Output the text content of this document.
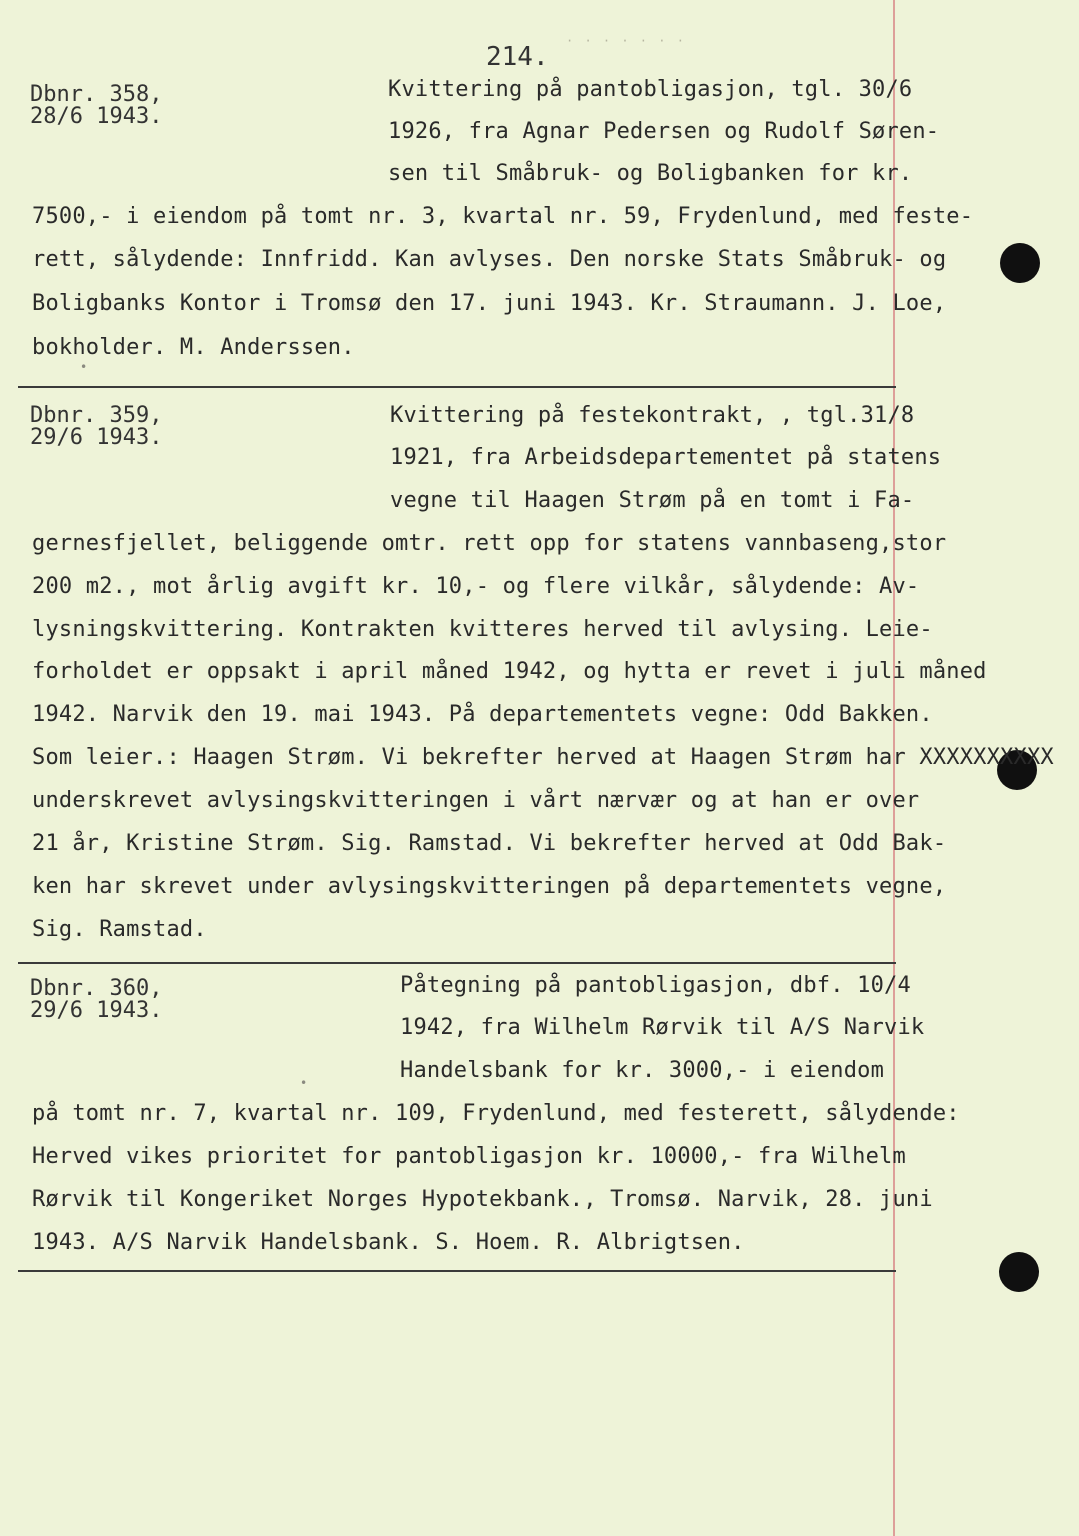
214.
· · · · · · ·
Dbnr. 358,
28/6 1943.
Kvittering på pantobligasjon, tgl. 30/6
1926, fra Agnar Pedersen og Rudolf Søren-
sen til Småbruk- og Boligbanken for kr.
7500,- i eiendom på tomt nr. 3, kvartal nr. 59, Frydenlund, med feste-
rett, sålydende: Innfridd. Kan avlyses. Den norske Stats Småbruk- og
Boligbanks Kontor i Tromsø den 17. juni 1943. Kr. Straumann. J. Loe,
bokholder. M. Anderssen.
•
Dbnr. 359,
29/6 1943.
Kvittering på festekontrakt, , tgl.31/8
1921, fra Arbeidsdepartementet på statens
vegne til Haagen Strøm på en tomt i Fa-
gernesfjellet, beliggende omtr. rett opp for statens vannbaseng,stor
200 m2., mot årlig avgift kr. 10,- og flere vilkår, sålydende: Av-
lysningskvittering. Kontrakten kvitteres herved til avlysing. Leie-
forholdet er oppsakt i april måned 1942, og hytta er revet i juli måned
1942. Narvik den 19. mai 1943. På departementets vegne: Odd Bakken.
Som leier.: Haagen Strøm. Vi bekrefter herved at Haagen Strøm har XXXXXXXXXX
underskrevet avlysingskvitteringen i vårt nærvær og at han er over
21 år, Kristine Strøm. Sig. Ramstad. Vi bekrefter herved at Odd Bak-
ken har skrevet under avlysingskvitteringen på departementets vegne,
Sig. Ramstad.
Dbnr. 360,
29/6 1943.
Påtegning på pantobligasjon, dbf. 10/4
1942, fra Wilhelm Rørvik til A/S Narvik
Handelsbank for kr. 3000,- i eiendom
på tomt nr. 7, kvartal nr. 109, Frydenlund, med festerett, sålydende:
Herved vikes prioritet for pantobligasjon kr. 10000,- fra Wilhelm
Rørvik til Kongeriket Norges Hypotekbank., Tromsø. Narvik, 28. juni
1943. A/S Narvik Handelsbank. S. Hoem. R. Albrigtsen.
•
